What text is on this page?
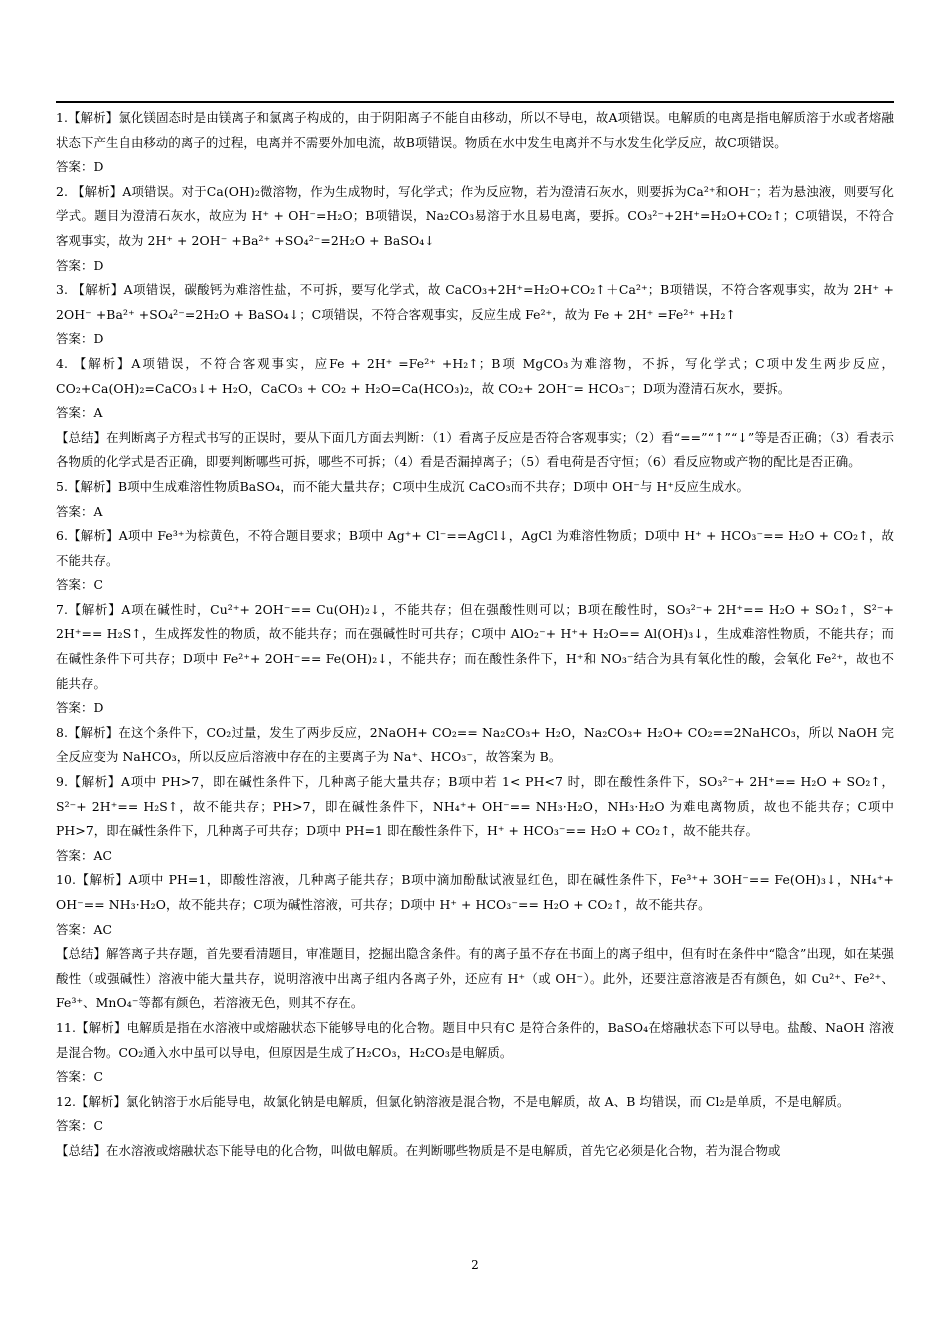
1.【解析】氯化镁固态时是由镁离子和氯离子构成的，由于阴阳离子不能自由移动，所以不导电，故A项错误。电解质的电离是指电解质溶于水或者熔融状态下产生自由移动的离子的过程，电离并不需要外加电流，故B项错误。物质在水中发生电离并不与水发生化学反应，故C项错误。

答案：D

2. 【解析】A项错误。对于Ca(OH)₂微溶物，作为生成物时，写化学式；作为反应物，若为澄清石灰水，则要拆为Ca²⁺和OH⁻；若为悬浊液，则要写化学式。题目为澄清石灰水，故应为 H⁺ + OH⁻=H₂O；B项错误，Na₂CO₃易溶于水且易电离，要拆。CO₃²⁻+2H⁺=H₂O+CO₂↑；C项错误，不符合客观事实，故为 2H⁺ + 2OH⁻ +Ba²⁺ +SO₄²⁻=2H₂O + BaSO₄↓

答案：D

3. 【解析】A项错误，碳酸钙为难溶性盐，不可拆，要写化学式，故 CaCO₃+2H⁺=H₂O+CO₂↑＋Ca²⁺；B项错误，不符合客观事实，故为 2H⁺ + 2OH⁻ +Ba²⁺ +SO₄²⁻=2H₂O + BaSO₄↓；C项错误，不符合客观事实，反应生成 Fe²⁺，故为 Fe + 2H⁺ =Fe²⁺ +H₂↑

答案：D

4. 【解析】A项错误，不符合客观事实，应Fe + 2H⁺ =Fe²⁺ +H₂↑；B项 MgCO₃为难溶物，不拆，写化学式；C项中发生两步反应，CO₂+Ca(OH)₂=CaCO₃↓+ H₂O，CaCO₃ + CO₂ + H₂O=Ca(HCO₃)₂，故 CO₂+ 2OH⁻= HCO₃⁻；D项为澄清石灰水，要拆。

答案：A

【总结】在判断离子方程式书写的正误时，要从下面几方面去判断：（1）看离子反应是否符合客观事实；（2）看“==”“↑”“↓”等是否正确；（3）看表示各物质的化学式是否正确，即要判断哪些可拆，哪些不可拆；（4）看是否漏掉离子；（5）看电荷是否守恒；（6）看反应物或产物的配比是否正确。

5.【解析】B项中生成难溶性物质BaSO₄，而不能大量共存；C项中生成沉 CaCO₃而不共存；D项中 OH⁻与 H⁺反应生成水。

答案：A

6.【解析】A项中 Fe³⁺为棕黄色，不符合题目要求；B项中 Ag⁺+ Cl⁻==AgCl↓，AgCl 为难溶性物质；D项中 H⁺ + HCO₃⁻== H₂O + CO₂↑，故不能共存。

答案：C

7.【解析】A项在碱性时，Cu²⁺+ 2OH⁻== Cu(OH)₂↓，不能共存；但在强酸性则可以；B项在酸性时，SO₃²⁻+ 2H⁺== H₂O + SO₂↑，S²⁻+ 2H⁺== H₂S↑，生成挥发性的物质，故不能共存；而在强碱性时可共存；C项中 AlO₂⁻+ H⁺+ H₂O== Al(OH)₃↓，生成难溶性物质，不能共存；而在碱性条件下可共存；D项中 Fe²⁺+ 2OH⁻== Fe(OH)₂↓，不能共存；而在酸性条件下，H⁺和 NO₃⁻结合为具有氧化性的酸，会氧化 Fe²⁺，故也不能共存。

答案：D

8.【解析】在这个条件下，CO₂过量，发生了两步反应，2NaOH+ CO₂== Na₂CO₃+ H₂O，Na₂CO₃+ H₂O+ CO₂==2NaHCO₃，所以 NaOH 完全反应变为 NaHCO₃，所以反应后溶液中存在的主要离子为 Na⁺、HCO₃⁻，故答案为 B。

9.【解析】A项中 PH>7，即在碱性条件下，几种离子能大量共存；B项中若 1< PH<7 时，即在酸性条件下，SO₃²⁻+ 2H⁺== H₂O + SO₂↑，S²⁻+ 2H⁺== H₂S↑，故不能共存；PH>7，即在碱性条件下，NH₄⁺+ OH⁻== NH₃·H₂O，NH₃·H₂O 为难电离物质，故也不能共存；C项中 PH>7，即在碱性条件下，几种离子可共存；D项中 PH=1 即在酸性条件下，H⁺ + HCO₃⁻== H₂O + CO₂↑，故不能共存。

答案：AC

10.【解析】A项中 PH=1，即酸性溶液，几种离子能共存；B项中滴加酚酞试液显红色，即在碱性条件下，Fe³⁺+ 3OH⁻== Fe(OH)₃↓，NH₄⁺+ OH⁻== NH₃·H₂O，故不能共存；C项为碱性溶液，可共存；D项中 H⁺ + HCO₃⁻== H₂O + CO₂↑，故不能共存。

答案：AC

【总结】解答离子共存题，首先要看清题目，审准题目，挖掘出隐含条件。有的离子虽不存在书面上的离子组中，但有时在条件中“隐含”出现，如在某强酸性（或强碱性）溶液中能大量共存，说明溶液中出离子组内各离子外，还应有 H⁺（或 OH⁻）。此外，还要注意溶液是否有颜色，如 Cu²⁺、Fe²⁺、Fe³⁺、MnO₄⁻等都有颜色，若溶液无色，则其不存在。

11.【解析】电解质是指在水溶液中或熔融状态下能够导电的化合物。题目中只有C 是符合条件的，BaSO₄在熔融状态下可以导电。盐酸、NaOH 溶液是混合物。CO₂通入水中虽可以导电，但原因是生成了H₂CO₃，H₂CO₃是电解质。

答案：C

12.【解析】氯化钠溶于水后能导电，故氯化钠是电解质，但氯化钠溶液是混合物，不是电解质，故 A、B 均错误，而 Cl₂是单质，不是电解质。

答案：C

【总结】在水溶液或熔融状态下能导电的化合物，叫做电解质。在判断哪些物质是不是电解质，首先它必须是化合物，若为混合物或

2
